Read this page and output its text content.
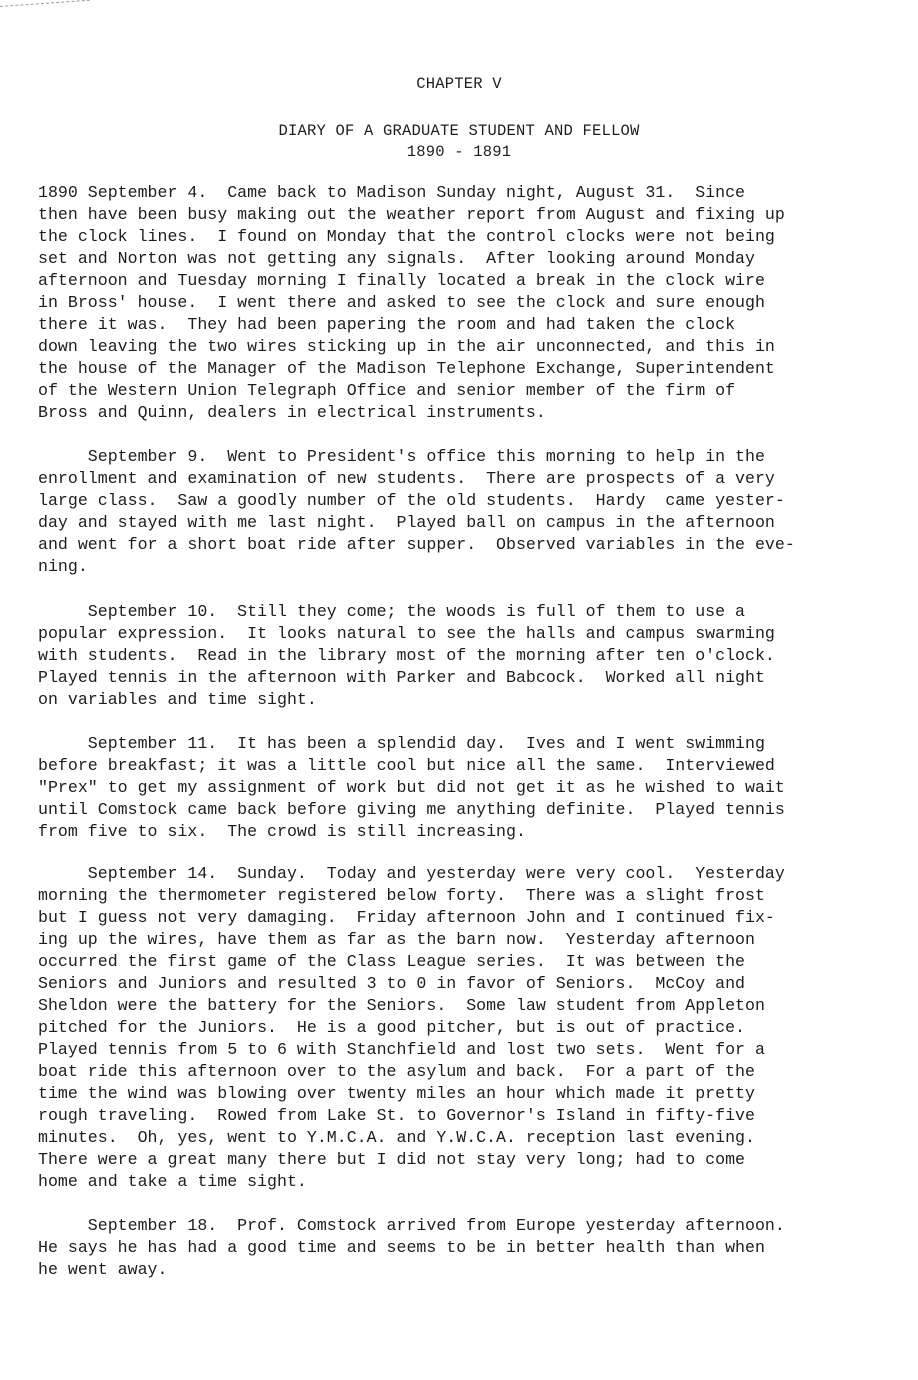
CHAPTER V
DIARY OF A GRADUATE STUDENT AND FELLOW
1890 - 1891
1890 September 4.  Came back to Madison Sunday night, August 31.  Since
then have been busy making out the weather report from August and fixing up
the clock lines.  I found on Monday that the control clocks were not being
set and Norton was not getting any signals.  After looking around Monday
afternoon and Tuesday morning I finally located a break in the clock wire
in Bross' house.  I went there and asked to see the clock and sure enough
there it was.  They had been papering the room and had taken the clock
down leaving the two wires sticking up in the air unconnected, and this in
the house of the Manager of the Madison Telephone Exchange, Superintendent
of the Western Union Telegraph Office and senior member of the firm of
Bross and Quinn, dealers in electrical instruments.
September 9.  Went to President's office this morning to help in the
enrollment and examination of new students.  There are prospects of a very
large class.  Saw a goodly number of the old students.  Hardy  came yester-
day and stayed with me last night.  Played ball on campus in the afternoon
and went for a short boat ride after supper.  Observed variables in the eve-
ning.
September 10.  Still they come; the woods is full of them to use a
popular expression.  It looks natural to see the halls and campus swarming
with students.  Read in the library most of the morning after ten o'clock.
Played tennis in the afternoon with Parker and Babcock.  Worked all night
on variables and time sight.
September 11.  It has been a splendid day.  Ives and I went swimming
before breakfast; it was a little cool but nice all the same.  Interviewed
"Prex" to get my assignment of work but did not get it as he wished to wait
until Comstock came back before giving me anything definite.  Played tennis
from five to six.  The crowd is still increasing.
September 14.  Sunday.  Today and yesterday were very cool.  Yesterday
morning the thermometer registered below forty.  There was a slight frost
but I guess not very damaging.  Friday afternoon John and I continued fix-
ing up the wires, have them as far as the barn now.  Yesterday afternoon
occurred the first game of the Class League series.  It was between the
Seniors and Juniors and resulted 3 to 0 in favor of Seniors.  McCoy and
Sheldon were the battery for the Seniors.  Some law student from Appleton
pitched for the Juniors.  He is a good pitcher, but is out of practice.
Played tennis from 5 to 6 with Stanchfield and lost two sets.  Went for a
boat ride this afternoon over to the asylum and back.  For a part of the
time the wind was blowing over twenty miles an hour which made it pretty
rough traveling.  Rowed from Lake St. to Governor's Island in fifty-five
minutes.  Oh, yes, went to Y.M.C.A. and Y.W.C.A. reception last evening.
There were a great many there but I did not stay very long; had to come
home and take a time sight.
September 18.  Prof. Comstock arrived from Europe yesterday afternoon.
He says he has had a good time and seems to be in better health than when
he went away.
